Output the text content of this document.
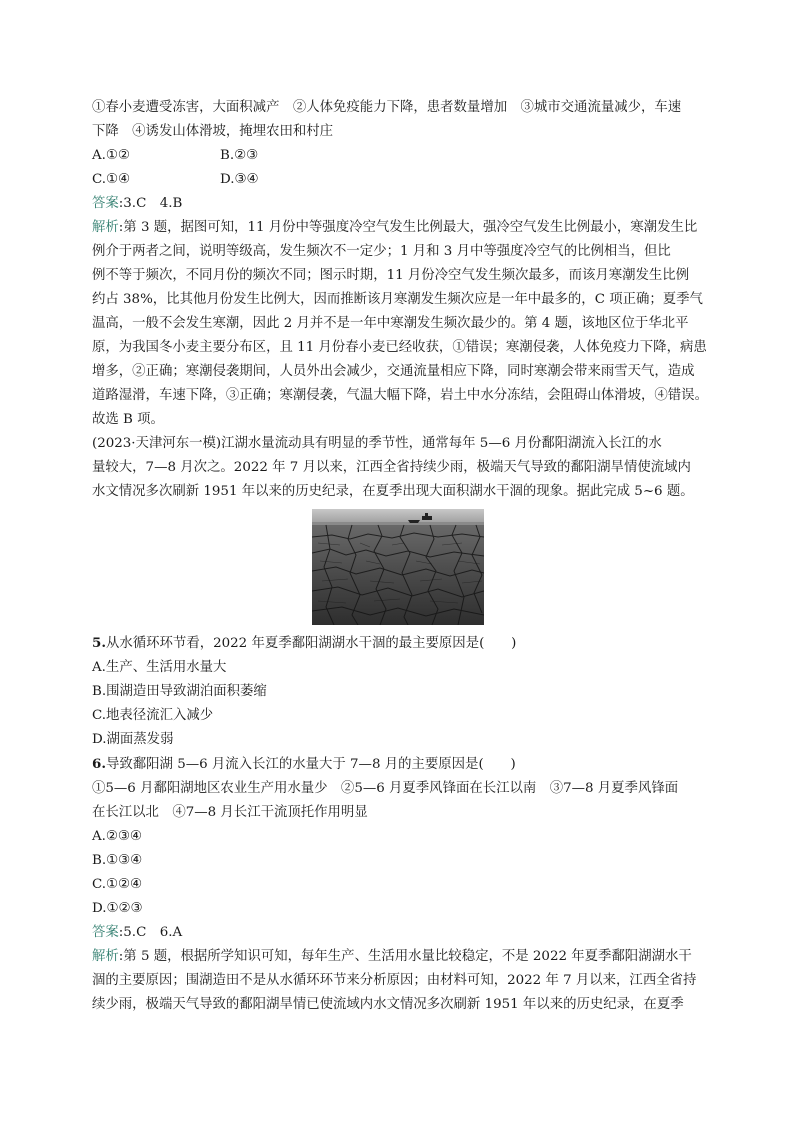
①春小麦遭受冻害，大面积减产　②人体免疫能力下降，患者数量增加　③城市交通流量减少，车速
下降　④诱发山体滑坡，掩埋农田和村庄
A.①②	B.②③
C.①④	D.③④
答案:3.C　4.B
解析:第 3 题，据图可知，11 月份中等强度冷空气发生比例最大，强冷空气发生比例最小，寒潮发生比
例介于两者之间，说明等级高，发生频次不一定少；1 月和 3 月中等强度冷空气的比例相当，但比
例不等于频次，不同月份的频次不同；图示时期，11 月份冷空气发生频次最多，而该月寒潮发生比例
约占 38%，比其他月份发生比例大，因而推断该月寒潮发生频次应是一年中最多的，C 项正确；夏季气
温高，一般不会发生寒潮，因此 2 月并不是一年中寒潮发生频次最少的。第 4 题，该地区位于华北平
原，为我国冬小麦主要分布区，且 11 月份春小麦已经收获，①错误；寒潮侵袭，人体免疫力下降，病患
增多，②正确；寒潮侵袭期间，人员外出会减少，交通流量相应下降，同时寒潮会带来雨雪天气，造成
道路湿滑，车速下降，③正确；寒潮侵袭，气温大幅下降，岩土中水分冻结，会阻碍山体滑坡，④错误。
故选 B 项。
(2023·天津河东一模)江湖水量流动具有明显的季节性，通常每年 5—6 月份鄱阳湖流入长江的水
量较大，7—8 月次之。2022 年 7 月以来，江西全省持续少雨，极端天气导致的鄱阳湖旱情使流域内
水文情况多次刷新 1951 年以来的历史纪录，在夏季出现大面积湖水干涸的现象。据此完成 5~6 题。
5.从水循环环节看，2022 年夏季鄱阳湖湖水干涸的最主要原因是(　　)
A.生产、生活用水量大
B.围湖造田导致湖泊面积萎缩
C.地表径流汇入减少
D.湖面蒸发弱
6.导致鄱阳湖 5—6 月流入长江的水量大于 7—8 月的主要原因是(　　)
①5—6 月鄱阳湖地区农业生产用水量少　②5—6 月夏季风锋面在长江以南　③7—8 月夏季风锋面
在长江以北　④7—8 月长江干流顶托作用明显
A.②③④
B.①③④
C.①②④
D.①②③
答案:5.C　6.A
解析:第 5 题，根据所学知识可知，每年生产、生活用水量比较稳定，不是 2022 年夏季鄱阳湖湖水干
涸的主要原因；围湖造田不是从水循环环节来分析原因；由材料可知，2022 年 7 月以来，江西全省持
续少雨，极端天气导致的鄱阳湖旱情已使流域内水文情况多次刷新 1951 年以来的历史纪录，在夏季
